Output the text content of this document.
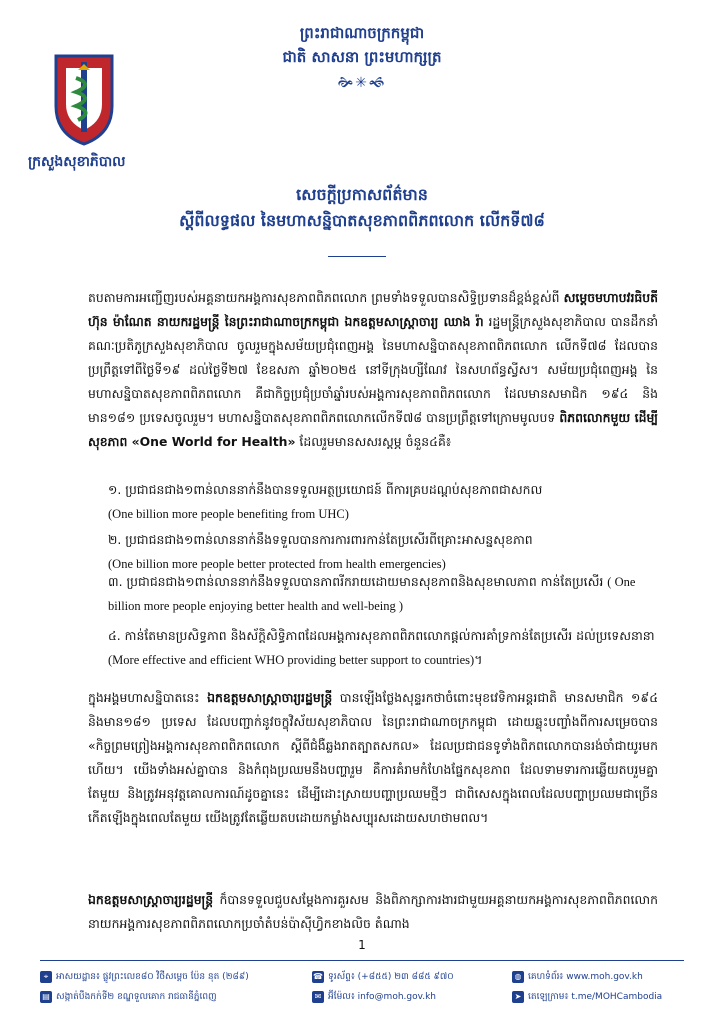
ព្រះរាជាណាចក្រកម្ពុជា
ជាតិ សាសនា ព្រះមហាក្សត្រ
🙞✳🙜
ក្រសួងសុខាភិបាល
សេចក្តីប្រកាសព័ត៌មាន
ស្តីពីលទ្ធផល នៃមហាសន្និបាតសុខភាពពិភពលោក លើកទី៧៨
តបតាមការអញ្ជើញរបស់អគ្គនាយកអង្គការសុខភាពពិភពលោក ព្រមទាំងទទួលបានសិទ្ធិប្រទានដ៏ខ្ពង់ខ្ពស់ពី សម្តេចមហាបវរធិបតី ហ៊ុន ម៉ាណែត នាយករដ្ឋមន្ត្រី នៃព្រះរាជាណាចក្រកម្ពុជា ឯកឧត្តមសាស្ត្រាចារ្យ ឈាង រ៉ា រដ្ឋមន្ត្រីក្រសួងសុខាភិបាល បានដឹកនាំគណៈប្រតិភូក្រសួងសុខាភិបាល ចូលរួមក្នុងសម័យប្រជុំពេញអង្គ នៃមហាសន្និបាតសុខភាពពិភពលោក លើកទី៧៨ ដែលបានប្រព្រឹត្តទៅពីថ្ងៃទី១៩ ដល់ថ្ងៃទី២៧ ខែឧសភា ឆ្នាំ២០២៥ នៅទីក្រុងហ្សឺណែវ នៃសហព័ន្ធស្វីស។ សម័យប្រជុំពេញអង្គ នៃមហាសន្និបាតសុខភាពពិភពលោក គឺជាកិច្ចប្រជុំប្រចាំឆ្នាំរបស់អង្គការសុខភាពពិភពលោក ដែលមានសមាជិក ១៩៤ និងមាន១៨១ ប្រទេសចូលរួម។ មហាសន្និបាតសុខភាពពិភពលោកលើកទី៧៨ បានប្រព្រឹត្តទៅក្រោមមូលបទ ពិភពលោកមួយ ដើម្បីសុខភាព «One World for Health» ដែលរួមមានសសរស្តម្ភ ចំនួន៤គឺ៖
១. ប្រជាជនជាង១ពាន់លាននាក់នឹងបានទទួលអត្ថប្រយោជន៍ ពីការគ្របដណ្តប់សុខភាពជាសកល
(One billion more people benefiting from UHC)
២. ប្រជាជនជាង១ពាន់លាននាក់នឹងទទួលបានការការពារកាន់តែប្រសើរពីគ្រោះអាសន្នសុខភាព
(One billion more people better protected from health emergencies)
៣. ប្រជាជនជាង១ពាន់លាននាក់នឹងទទួលបានភាពរីករាយដោយមានសុខភាពនិងសុខមាលភាព កាន់តែប្រសើរ ( One billion more people enjoying better health and well-being )
៤. កាន់តែមានប្រសិទ្ធភាព និងស័ក្តិសិទ្ធិភាពដែលអង្គការសុខភាពពិភពលោកផ្តល់ការគាំទ្រកាន់តែប្រសើរ ដល់ប្រទេសនានា (More effective and efficient WHO providing better support to countries)។
ក្នុងអង្គមហាសន្និបាតនេះ ឯកឧត្តមសាស្ត្រាចារ្យរដ្ឋមន្ត្រី បានឡើងថ្លែងសុន្ទរកថាចំពោះមុខវេទិកាអន្តរជាតិ មានសមាជិក ១៩៤ និងមាន១៨១ ប្រទេស ដែលបញ្ជាក់នូវចក្ខុវិស័យសុខាភិបាល នៃព្រះរាជាណាចក្រកម្ពុជា ដោយឆ្លុះបញ្ចាំងពីការសម្រេចបាន «កិច្ចព្រមព្រៀងអង្គការសុខភាពពិភពលោក ស្តីពីជំងឺឆ្លងរាតត្បាតសកល» ដែលប្រជាជនទូទាំងពិភពលោកបានរង់ចាំជាយូរមកហើយ។ យើងទាំងអស់គ្នាបាន និងកំពុងប្រឈមនឹងបញ្ហារួម គឺការគំរាមកំហែងផ្នែកសុខភាព ដែលទាមទារការឆ្លើយតបរួមគ្នាតែមួយ និងត្រូវអនុវត្តគោលការណ៍ដូចគ្នានេះ ដើម្បីដោះស្រាយបញ្ហាប្រឈមថ្មីៗ ជាពិសេសក្នុងពេលដែលបញ្ហាប្រឈមជាច្រើនកើតឡើងក្នុងពេលតែមួយ យើងត្រូវតែឆ្លើយតបដោយកម្លាំងសប្បុរសដោយសហថាមពល។
ឯកឧត្តមសាស្ត្រាចារ្យរដ្ឋមន្ត្រី ក៏បានទទួលជួបសម្តែងការគួរសម និងពិភាក្សាការងារជាមួយអគ្គនាយកអង្គការសុខភាពពិភពលោក នាយកអង្គការសុខភាពពិភពលោកប្រចាំតំបន់ប៉ាស៊ីហ្វិកខាងលិច តំណាង
1
⌖ អាសយដ្ឋាន៖ ផ្លូវព្រះលេខ៨០ វិថីសម្តេច ប៉ែន នុត (២៨៩)
▤ សង្កាត់បឹងកក់ទី២ ខណ្ឌទួលគោក រាជធានីភ្នំពេញ
☎ ទូរស័ព្ទ៖ (+៨៥៥) ២៣ ៨៨៥ ៩៧០
✉ អ៊ីម៉ែល៖ info@moh.gov.kh
◍ គេហទំព័រ៖ www.moh.gov.kh
➤ តេឡេក្រាម៖ t.me/MOHCambodia
